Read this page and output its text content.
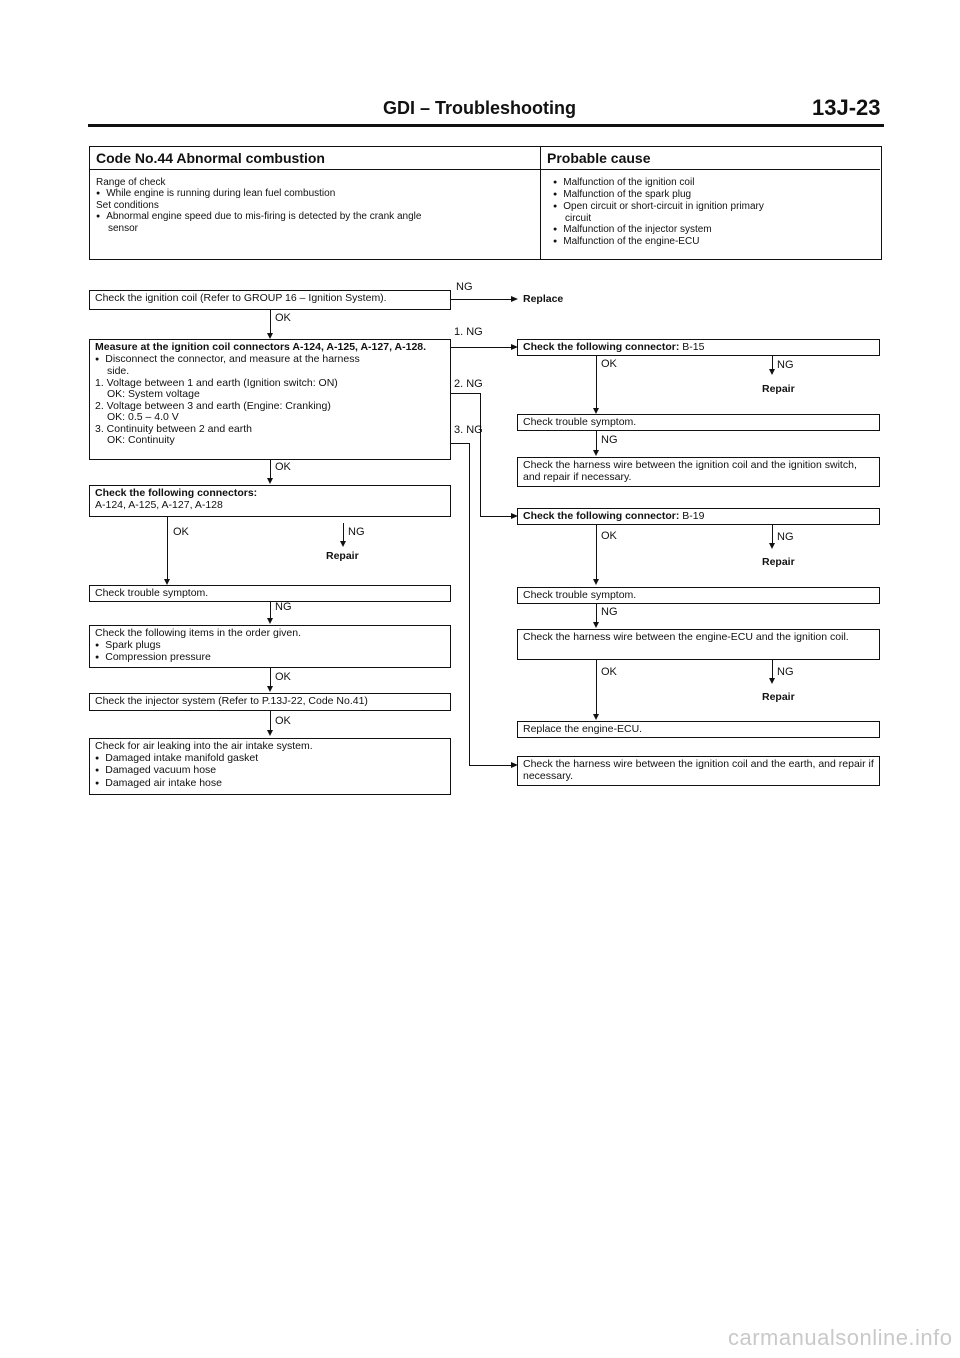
GDI – Troubleshooting	13J-23
Code No.44 Abnormal combustion	Probable cause
Range of check
● While engine is running during lean fuel combustion
Set conditions
● Abnormal engine speed due to mis-firing is detected by the crank angle
sensor
● Malfunction of the ignition coil
● Malfunction of the spark plug
● Open circuit or short-circuit in ignition primary
circuit
● Malfunction of the injector system
● Malfunction of the engine-ECU
Check the ignition coil (Refer to GROUP 16 – Ignition System).
NG
Replace
OK
Measure at the ignition coil connectors A-124, A-125, A-127, A-128.
● Disconnect the connector, and measure at the harness
side.
1. Voltage between 1 and earth (Ignition switch: ON)
OK: System voltage
2. Voltage between 3 and earth (Engine: Cranking)
OK: 0.5 – 4.0 V
3. Continuity between 2 and earth
OK: Continuity
OK
Check the following connectors:
A-124, A-125, A-127, A-128
OK	NG
Repair
Check trouble symptom.
NG
Check the following items in the order given.
● Spark plugs
● Compression pressure
OK
Check the injector system (Refer to P.13J-22, Code No.41)
OK
Check for air leaking into the air intake system.
● Damaged intake manifold gasket
● Damaged vacuum hose
● Damaged air intake hose
1. NG
2. NG
3. NG
Check the following connector: B-15
OK	NG
Repair
Check trouble symptom.
NG
Check the harness wire between the ignition coil and the ignition switch, and repair if necessary.
Check the following connector: B-19
OK	NG
Repair
Check trouble symptom.
NG
Check the harness wire between the engine-ECU and the ignition coil.
OK	NG
Repair
Replace the engine-ECU.
Check the harness wire between the ignition coil and the earth, and repair if necessary.
carmanualsonline.info
